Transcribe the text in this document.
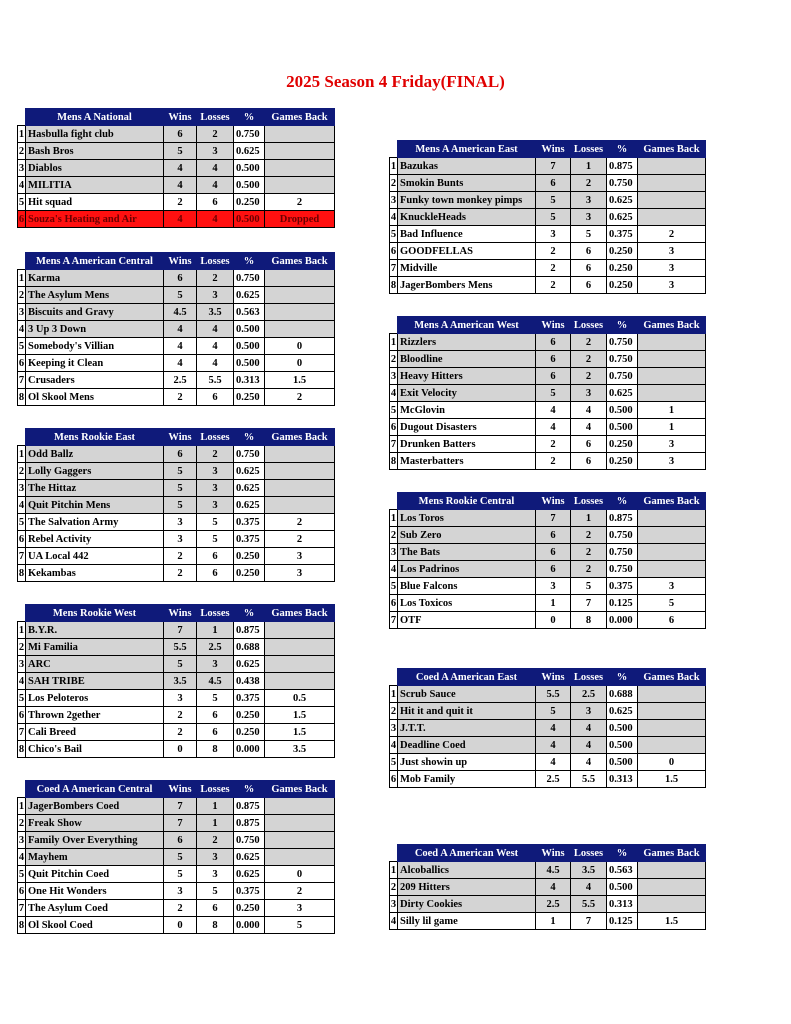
2025 Season 4 Friday(FINAL)
	Mens A National	Wins	Losses	%	Games Back
1	Hasbulla fight club	6	2	0.750	
2	Bash Bros	5	3	0.625	
3	Diablos	4	4	0.500	
4	MILITIA	4	4	0.500	
5	Hit squad	2	6	0.250	2
6	Souza's Heating and Air	4	4	0.500	Dropped
	Mens A American Central	Wins	Losses	%	Games Back
1	Karma	6	2	0.750	
2	The Asylum Mens	5	3	0.625	
3	Biscuits and Gravy	4.5	3.5	0.563	
4	3 Up 3 Down	4	4	0.500	
5	Somebody's Villian	4	4	0.500	0
6	Keeping it Clean	4	4	0.500	0
7	Crusaders	2.5	5.5	0.313	1.5
8	Ol Skool Mens	2	6	0.250	2
	Mens Rookie East	Wins	Losses	%	Games Back
1	Odd Ballz	6	2	0.750	
2	Lolly Gaggers	5	3	0.625	
3	The Hittaz	5	3	0.625	
4	Quit Pitchin Mens	5	3	0.625	
5	The Salvation Army	3	5	0.375	2
6	Rebel Activity	3	5	0.375	2
7	UA Local 442	2	6	0.250	3
8	Kekambas	2	6	0.250	3
	Mens Rookie West	Wins	Losses	%	Games Back
1	B.Y.R.	7	1	0.875	
2	Mi Familia	5.5	2.5	0.688	
3	ARC	5	3	0.625	
4	SAH TRIBE	3.5	4.5	0.438	
5	Los Peloteros	3	5	0.375	0.5
6	Thrown 2gether	2	6	0.250	1.5
7	Cali Breed	2	6	0.250	1.5
8	Chico's Bail	0	8	0.000	3.5
	Coed A American Central	Wins	Losses	%	Games Back
1	JagerBombers Coed	7	1	0.875	
2	Freak Show	7	1	0.875	
3	Family Over Everything	6	2	0.750	
4	Mayhem	5	3	0.625	
5	Quit Pitchin Coed	5	3	0.625	0
6	One Hit Wonders	3	5	0.375	2
7	The Asylum Coed	2	6	0.250	3
8	Ol Skool Coed	0	8	0.000	5
	Mens A American East	Wins	Losses	%	Games Back
1	Bazukas	7	1	0.875	
2	Smokin Bunts	6	2	0.750	
3	Funky town monkey pimps	5	3	0.625	
4	KnuckleHeads	5	3	0.625	
5	Bad Influence	3	5	0.375	2
6	GOODFELLAS	2	6	0.250	3
7	Midville	2	6	0.250	3
8	JagerBombers Mens	2	6	0.250	3
	Mens A American West	Wins	Losses	%	Games Back
1	Rizzlers	6	2	0.750	
2	Bloodline	6	2	0.750	
3	Heavy Hitters	6	2	0.750	
4	Exit Velocity	5	3	0.625	
5	McGlovin	4	4	0.500	1
6	Dugout Disasters	4	4	0.500	1
7	Drunken Batters	2	6	0.250	3
8	Masterbatters	2	6	0.250	3
	Mens Rookie Central	Wins	Losses	%	Games Back
1	Los Toros	7	1	0.875	
2	Sub Zero	6	2	0.750	
3	The Bats	6	2	0.750	
4	Los Padrinos	6	2	0.750	
5	Blue Falcons	3	5	0.375	3
6	Los Toxicos	1	7	0.125	5
7	OTF	0	8	0.000	6
	Coed A American East	Wins	Losses	%	Games Back
1	Scrub Sauce	5.5	2.5	0.688	
2	Hit it and quit it	5	3	0.625	
3	J.T.T.	4	4	0.500	
4	Deadline Coed	4	4	0.500	
5	Just showin up	4	4	0.500	0
6	Mob Family	2.5	5.5	0.313	1.5
	Coed A American West	Wins	Losses	%	Games Back
1	Alcoballics	4.5	3.5	0.563	
2	209 Hitters	4	4	0.500	
3	Dirty Cookies	2.5	5.5	0.313	
4	Silly lil game	1	7	0.125	1.5
